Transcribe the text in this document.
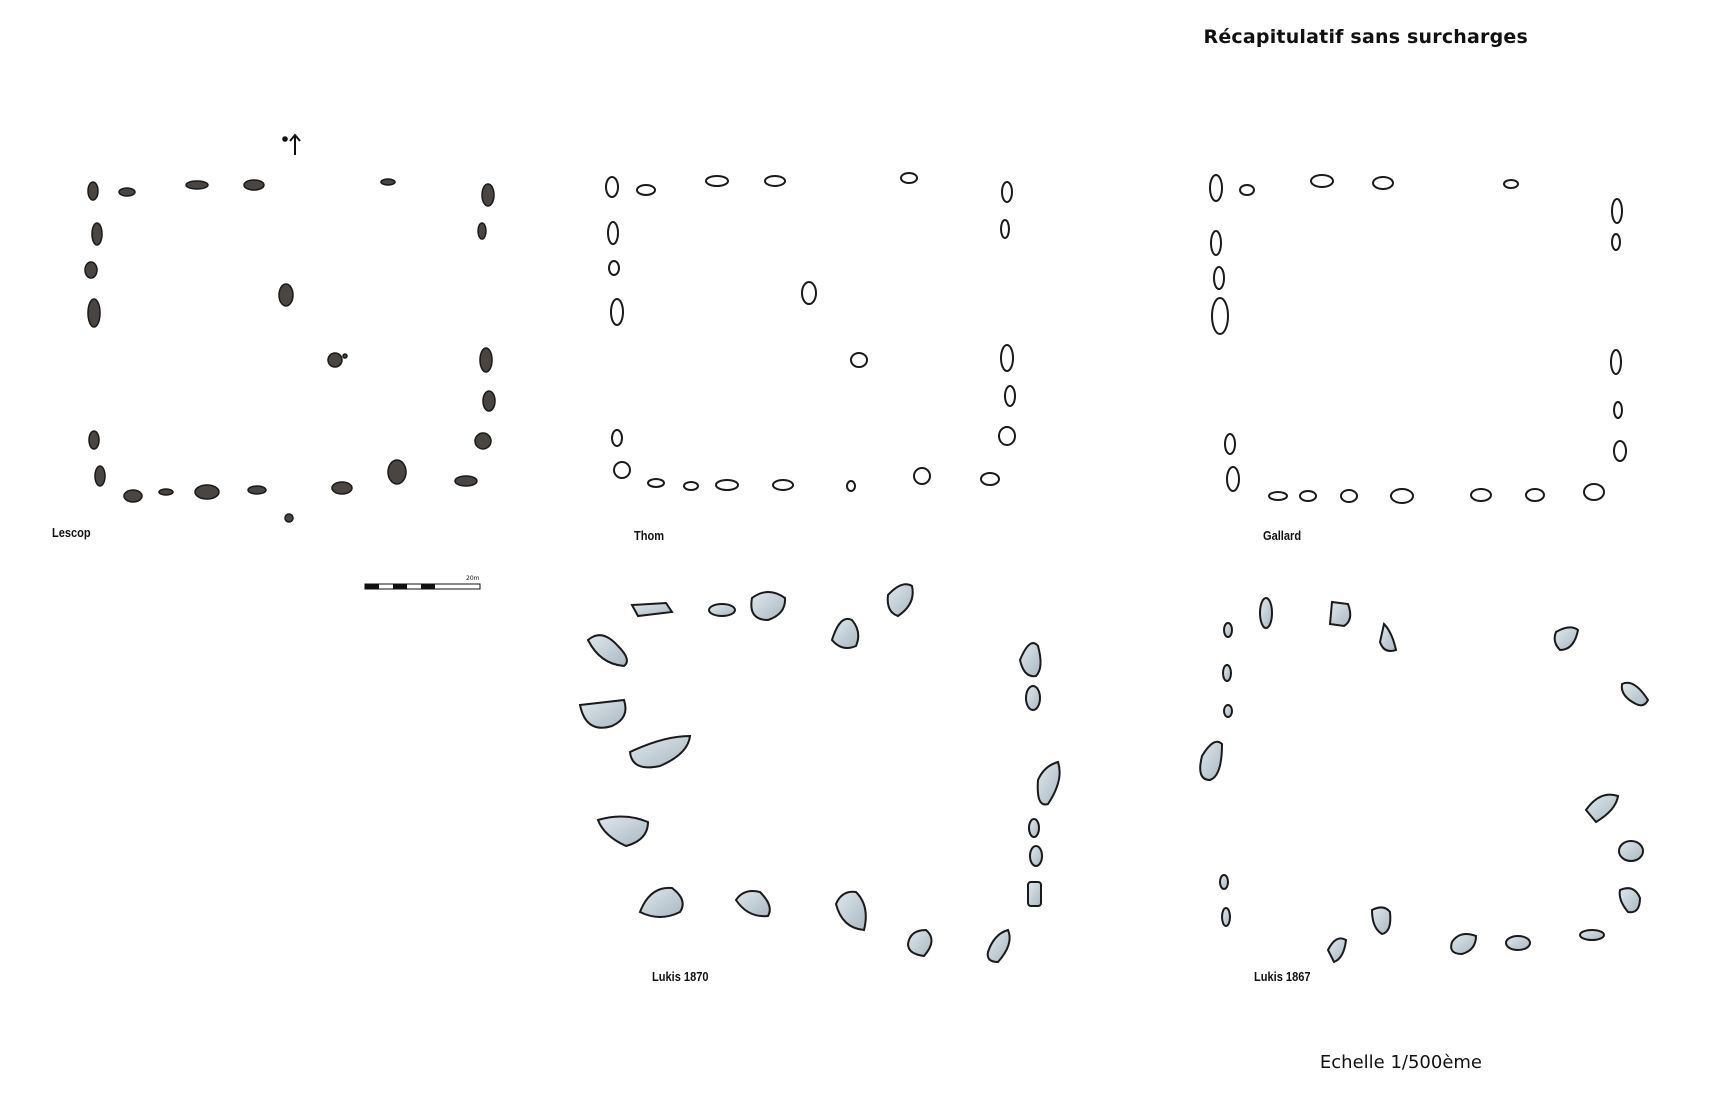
Récapitulatif sans surcharges
20m
Lescop	Thom	Gallard
Lukis 1870	Lukis 1867
Echelle 1/500ème
